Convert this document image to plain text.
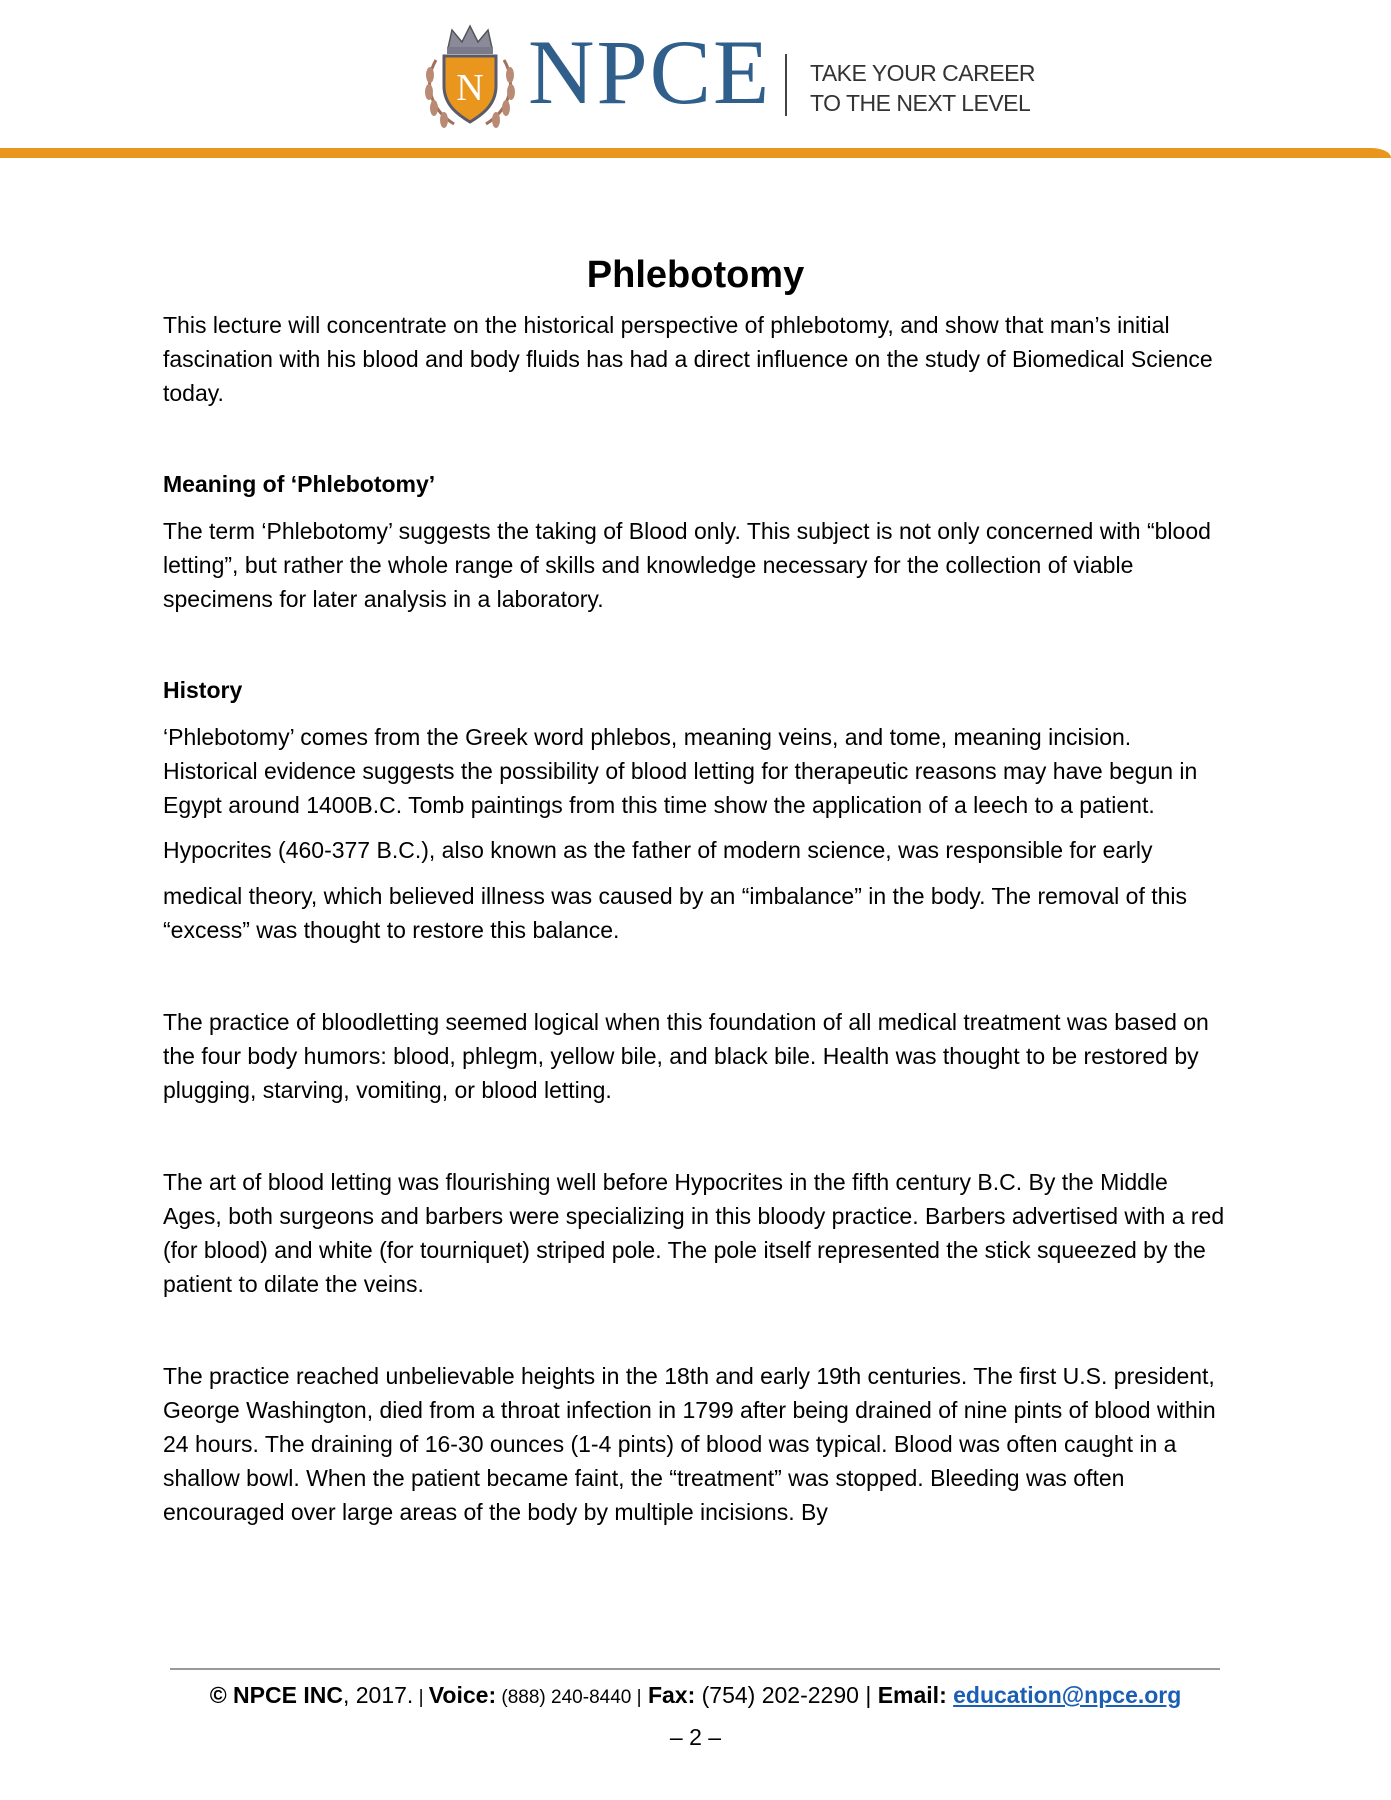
N NPCE TAKE YOUR CAREER
TO THE NEXT LEVEL
Phlebotomy

This lecture will concentrate on the historical perspective of phlebotomy, and show that man’s initial fascination with his blood and body fluids has had a direct influence on the study of Biomedical Science today.

Meaning of ‘Phlebotomy’

The term ‘Phlebotomy’ suggests the taking of Blood only. This subject is not only concerned with “blood letting”, but rather the whole range of skills and knowledge necessary for the collection of viable specimens for later analysis in a laboratory.

History

‘Phlebotomy’ comes from the Greek word phlebos, meaning veins, and tome, meaning incision. Historical evidence suggests the possibility of blood letting for therapeutic reasons may have begun in Egypt around 1400B.C. Tomb paintings from this time show the application of a leech to a patient.

Hypocrites (460-377 B.C.), also known as the father of modern science, was responsible for early

medical theory, which believed illness was caused by an “imbalance” in the body. The removal of this “excess” was thought to restore this balance.

The practice of bloodletting seemed logical when this foundation of all medical treatment was based on the four body humors: blood, phlegm, yellow bile, and black bile. Health was thought to be restored by plugging, starving, vomiting, or blood letting.

The art of blood letting was flourishing well before Hypocrites in the fifth century B.C. By the Middle Ages, both surgeons and barbers were specializing in this bloody practice. Barbers advertised with a red (for blood) and white (for tourniquet) striped pole. The pole itself represented the stick squeezed by the patient to dilate the veins.

The practice reached unbelievable heights in the 18th and early 19th centuries. The first U.S. president, George Washington, died from a throat infection in 1799 after being drained of nine pints of blood within 24 hours. The draining of 16-30 ounces (1-4 pints) of blood was typical. Blood was often caught in a shallow bowl. When the patient became faint, the “treatment” was stopped. Bleeding was often encouraged over large areas of the body by multiple incisions. By

© NPCE INC, 2017. | Voice: (888) 240-8440 | Fax: (754) 202-2290 | Email: education@npce.org
– 2 –
